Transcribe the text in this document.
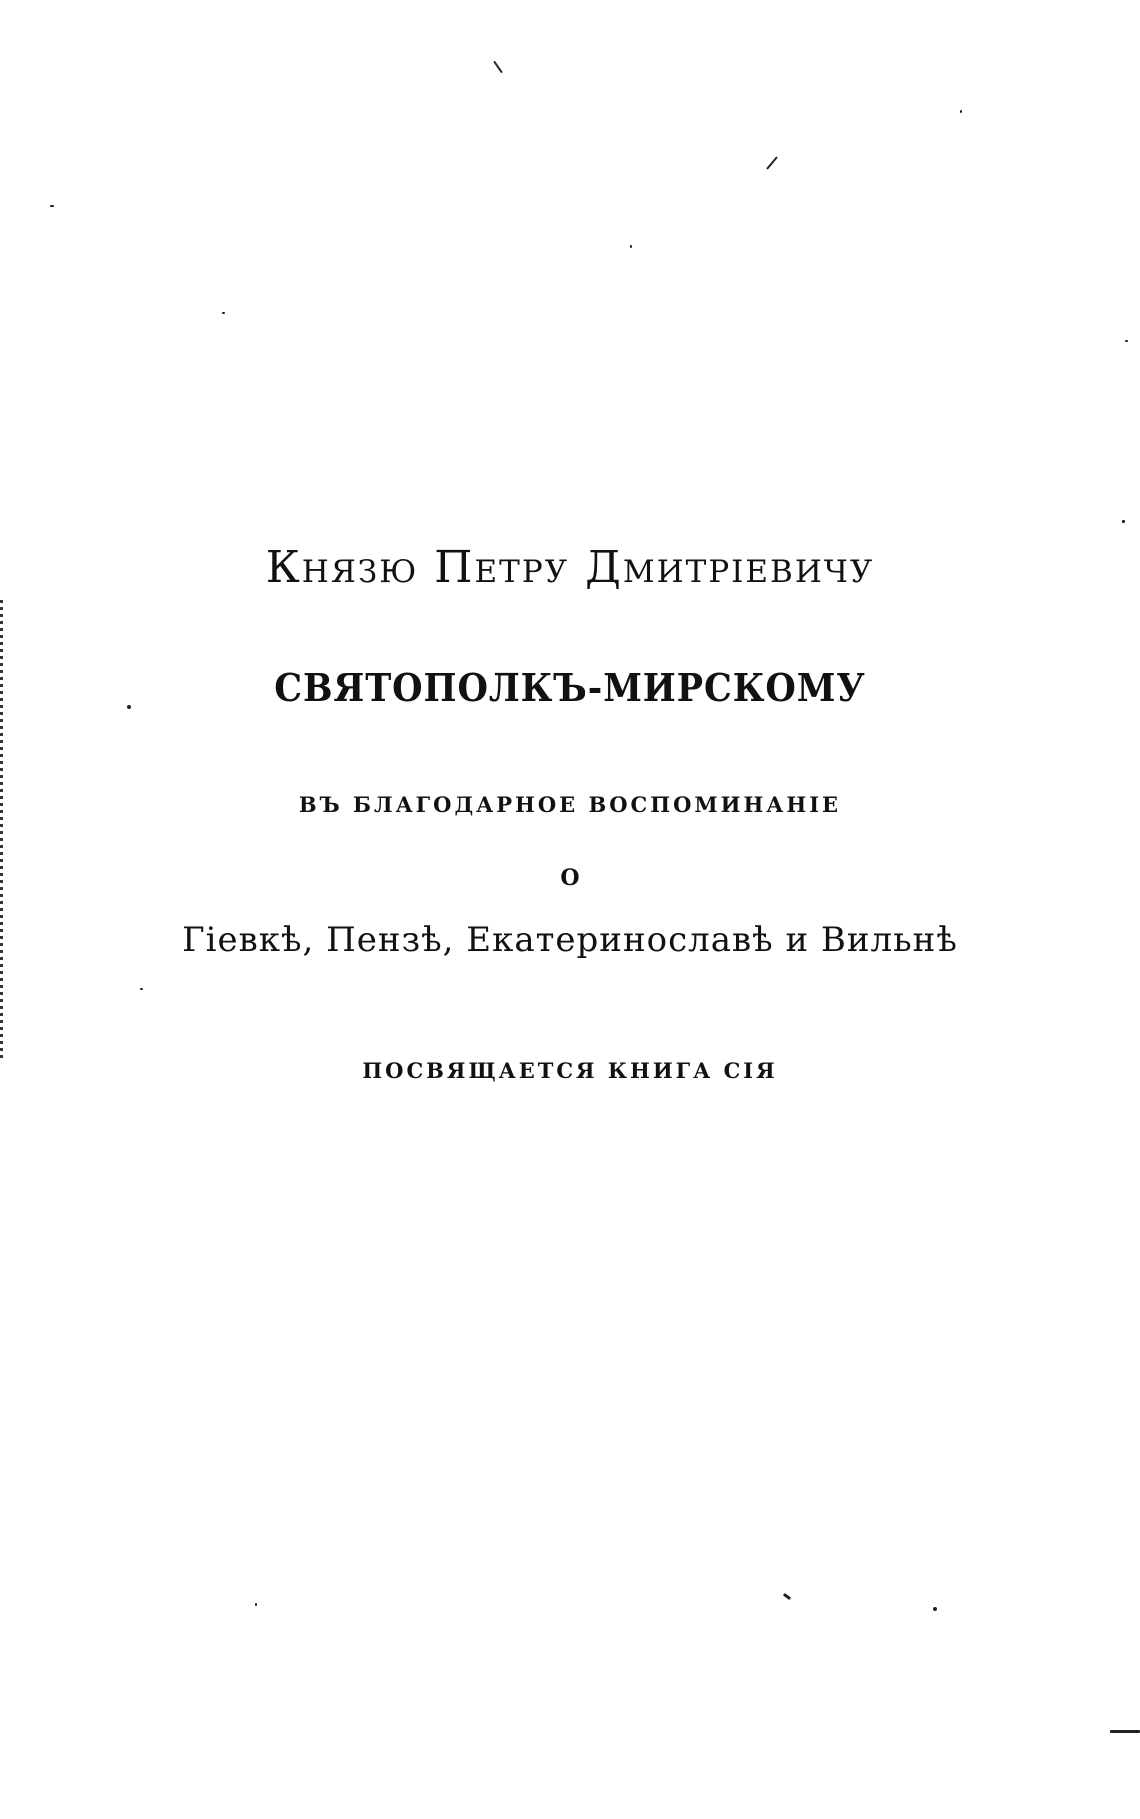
Князю Петру Дмитріевичу
СВЯТОПОЛКЪ-МИРСКОМУ
ВЪ БЛАГОДАРНОЕ ВОСПОМИНАНІЕ
О
Гіевкѣ, Пензѣ, Екатеринославѣ и Вильнѣ
ПОСВЯЩАЕТСЯ КНИГА СІЯ
